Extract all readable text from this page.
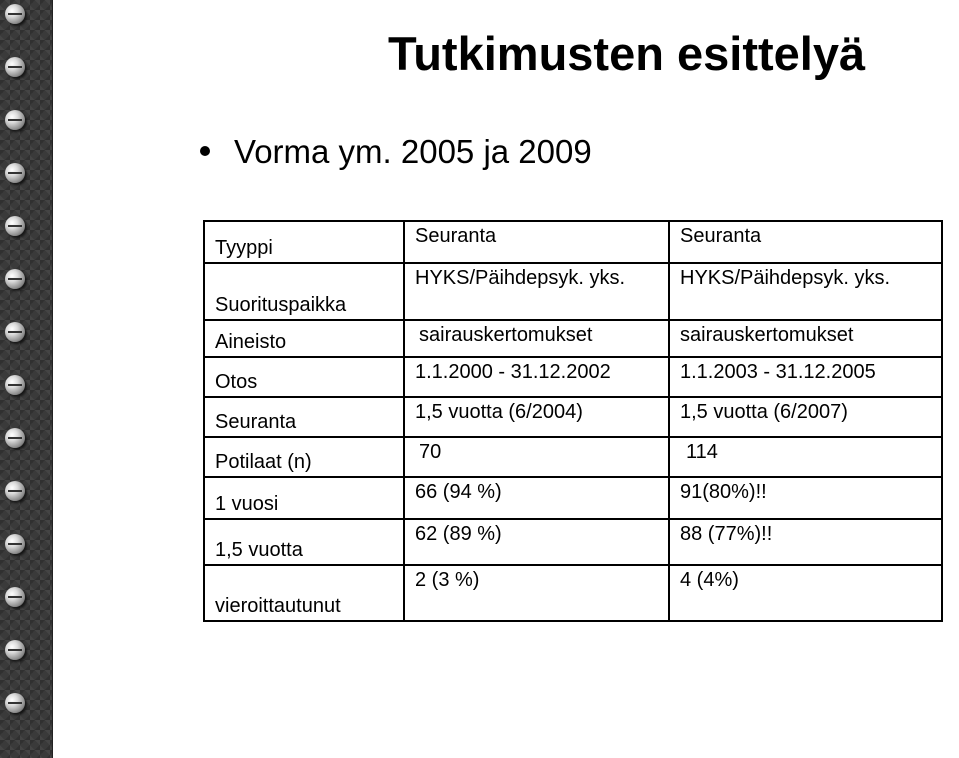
Tutkimusten esittelyä
Vorma ym. 2005 ja 2009
Tyyppi	Seuranta	Seuranta
Suorituspaikka	HYKS/Päihdepsyk. yks.	HYKS/Päihdepsyk. yks.
Aineisto	sairauskertomukset	sairauskertomukset
Otos	1.1.2000 - 31.12.2002	1.1.2003 - 31.12.2005
Seuranta	1,5 vuotta (6/2004)	1,5 vuotta (6/2007)
Potilaat (n)	70	114
1 vuosi	66 (94 %)	91(80%)!!
1,5 vuotta	62 (89 %)	88 (77%)!!
vieroittautunut	2 (3 %)	4 (4%)
